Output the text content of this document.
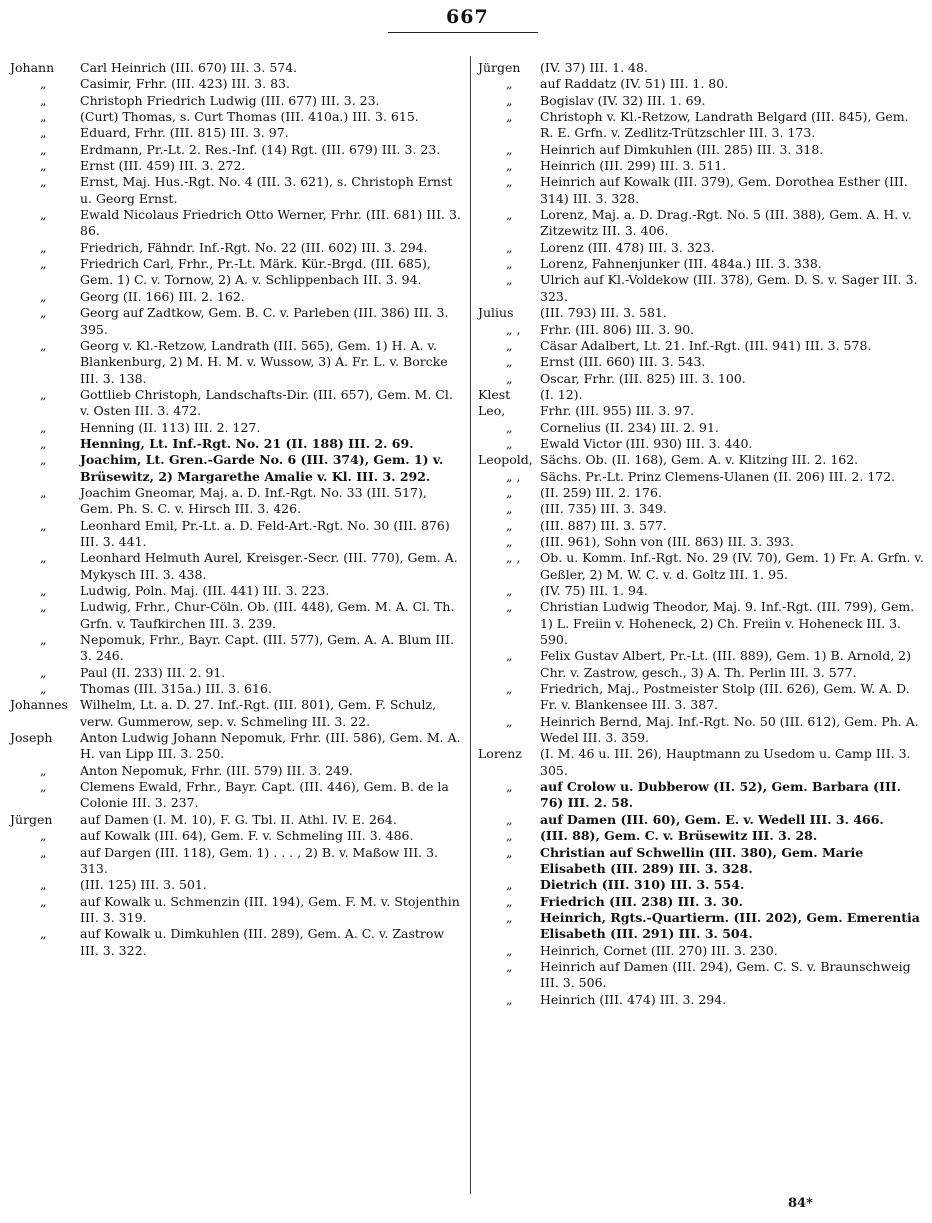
667
Johann Carl Heinrich (III. 670) III. 3. 574.
„	Casimir, Frhr. (III. 423) III. 3. 83.
„	Christoph Friedrich Ludwig (III. 677) III. 3. 23.
„	(Curt) Thomas, s. Curt Thomas (III. 410a.) III. 3. 615.
„	Eduard, Frhr. (III. 815) III. 3. 97.
„	Erdmann, Pr.-Lt. 2. Res.-Inf. (14) Rgt. (III. 679) III. 3. 23.
„	Ernst (III. 459) III. 3. 272.
„	Ernst, Maj. Hus.-Rgt. No. 4 (III. 3. 621), s. Christoph Ernst u. Georg Ernst.
„	Ewald Nicolaus Friedrich Otto Werner, Frhr. (III. 681) III. 3. 86.
„	Friedrich, Fähndr. Inf.-Rgt. No. 22 (III. 602) III. 3. 294.
„	Friedrich Carl, Frhr., Pr.-Lt. Märk. Kür.-Brgd. (III. 685), Gem. 1) C. v. Tornow, 2) A. v. Schlippenbach III. 3. 94.
„	Georg (II. 166) III. 2. 162.
„	Georg auf Zadtkow, Gem. B. C. v. Parleben (III. 386) III. 3. 395.
„	Georg v. Kl.-Retzow, Landrath (III. 565), Gem. 1) H. A. v. Blankenburg, 2) M. H. M. v. Wussow, 3) A. Fr. L. v. Borcke III. 3. 138.
„	Gottlieb Christoph, Landschafts-Dir. (III. 657), Gem. M. Cl. v. Osten III. 3. 472.
„	Henning (II. 113) III. 2. 127.
„	Henning, Lt. Inf.-Rgt. No. 21 (II. 188) III. 2. 69.
„	Joachim, Lt. Gren.-Garde No. 6 (III. 374), Gem. 1) v. Brüsewitz, 2) Margarethe Amalie v. Kl. III. 3. 292.
„	Joachim Gneomar, Maj. a. D. Inf.-Rgt. No. 33 (III. 517), Gem. Ph. S. C. v. Hirsch III. 3. 426.
„	Leonhard Emil, Pr.-Lt. a. D. Feld-Art.-Rgt. No. 30 (III. 876) III. 3. 441.
„	Leonhard Helmuth Aurel, Kreisger.-Secr. (III. 770), Gem. A. Mykysch III. 3. 438.
„	Ludwig, Poln. Maj. (III. 441) III. 3. 223.
„	Ludwig, Frhr., Chur-Cöln. Ob. (III. 448), Gem. M. A. Cl. Th. Grfn. v. Taufkirchen III. 3. 239.
„	Nepomuk, Frhr., Bayr. Capt. (III. 577), Gem. A. A. Blum III. 3. 246.
„	Paul (II. 233) III. 2. 91.
„	Thomas (III. 315a.) III. 3. 616.
Johannes Wilhelm, Lt. a. D. 27. Inf.-Rgt. (III. 801), Gem. F. Schulz, verw. Gummerow, sep. v. Schmeling III. 3. 22.
Joseph Anton Ludwig Johann Nepomuk, Frhr. (III. 586), Gem. M. A. H. van Lipp III. 3. 250.
„	Anton Nepomuk, Frhr. (III. 579) III. 3. 249.
„	Clemens Ewald, Frhr., Bayr. Capt. (III. 446), Gem. B. de la Colonie III. 3. 237.
Jürgen auf Damen (I. M. 10), F. G. Tbl. II. Athl. IV. E. 264.
„	auf Kowalk (III. 64), Gem. F. v. Schmeling III. 3. 486.
„	auf Dargen (III. 118), Gem. 1) . . . , 2) B. v. Maßow III. 3. 313.
„	(III. 125) III. 3. 501.
„	auf Kowalk u. Schmenzin (III. 194), Gem. F. M. v. Stojenthin III. 3. 319.
„	auf Kowalk u. Dimkuhlen (III. 289), Gem. A. C. v. Zastrow III. 3. 322.
Jürgen (IV. 37) III. 1. 48.
„ auf Raddatz (IV. 51) III. 1. 80.
„ Bogislav (IV. 32) III. 1. 69.
„ Christoph v. Kl.-Retzow, Landrath Belgard (III. 845), Gem. R. E. Grfn. v. Zedlitz-Trützschler III. 3. 173.
„ Heinrich auf Dimkuhlen (III. 285) III. 3. 318.
„ Heinrich (III. 299) III. 3. 511.
„ Heinrich auf Kowalk (III. 379), Gem. Dorothea Esther (III. 314) III. 3. 328.
„ Lorenz, Maj. a. D. Drag.-Rgt. No. 5 (III. 388), Gem. A. H. v. Zitzewitz III. 3. 406.
„ Lorenz (III. 478) III. 3. 323.
„ Lorenz, Fahnenjunker (III. 484a.) III. 3. 338.
„ Ulrich auf Kl.-Voldekow (III. 378), Gem. D. S. v. Sager III. 3. 323.
Julius (III. 793) III. 3. 581.
„ , Frhr. (III. 806) III. 3. 90.
„ Cäsar Adalbert, Lt. 21. Inf.-Rgt. (III. 941) III. 3. 578.
„ Ernst (III. 660) III. 3. 543.
„ Oscar, Frhr. (III. 825) III. 3. 100.
Klest (I. 12).
Leo,	Frhr. (III. 955) III. 3. 97.
„ Cornelius (II. 234) III. 2. 91.
„ Ewald Victor (III. 930) III. 3. 440.
Leopold, Sächs. Ob. (II. 168), Gem. A. v. Klitzing III. 2. 162.
„ , Sächs. Pr.-Lt. Prinz Clemens-Ulanen (II. 206) III. 2. 172.
„ (II. 259) III. 2. 176.
„ (III. 735) III. 3. 349.
„ (III. 887) III. 3. 577.
„ (III. 961), Sohn von (III. 863) III. 3. 393.
„ , Ob. u. Komm. Inf.-Rgt. No. 29 (IV. 70), Gem. 1) Fr. A. Grfn. v. Geßler, 2) M. W. C. v. d. Goltz III. 1. 95.
„ (IV. 75) III. 1. 94.
„ Christian Ludwig Theodor, Maj. 9. Inf.-Rgt. (III. 799), Gem. 1) L. Freiin v. Hoheneck, 2) Ch. Freiin v. Hoheneck III. 3. 590.
„ Felix Gustav Albert, Pr.-Lt. (III. 889), Gem. 1) B. Arnold, 2) Chr. v. Zastrow, gesch., 3) A. Th. Perlin III. 3. 577.
„ Friedrich, Maj., Postmeister Stolp (III. 626), Gem. W. A. D. Fr. v. Blankensee III. 3. 387.
„ Heinrich Bernd, Maj. Inf.-Rgt. No. 50 (III. 612), Gem. Ph. A. Wedel III. 3. 359.
Lorenz (I. M. 46 u. III. 26), Hauptmann zu Usedom u. Camp III. 3. 305.
„ auf Crolow u. Dubberow (II. 52), Gem. Barbara (III. 76) III. 2. 58.
„ auf Damen (III. 60), Gem. E. v. Wedell III. 3. 466.
„ (III. 88), Gem. C. v. Brüsewitz III. 3. 28.
„ Christian auf Schwellin (III. 380), Gem. Marie Elisabeth (III. 289) III. 3. 328.
„ Dietrich (III. 310) III. 3. 554.
„ Friedrich (III. 238) III. 3. 30.
„ Heinrich, Rgts.-Quartierm. (III. 202), Gem. Emerentia Elisabeth (III. 291) III. 3. 504.
„ Heinrich, Cornet (III. 270) III. 3. 230.
„ Heinrich auf Damen (III. 294), Gem. C. S. v. Braunschweig III. 3. 506.
„ Heinrich (III. 474) III. 3. 294.
84*
